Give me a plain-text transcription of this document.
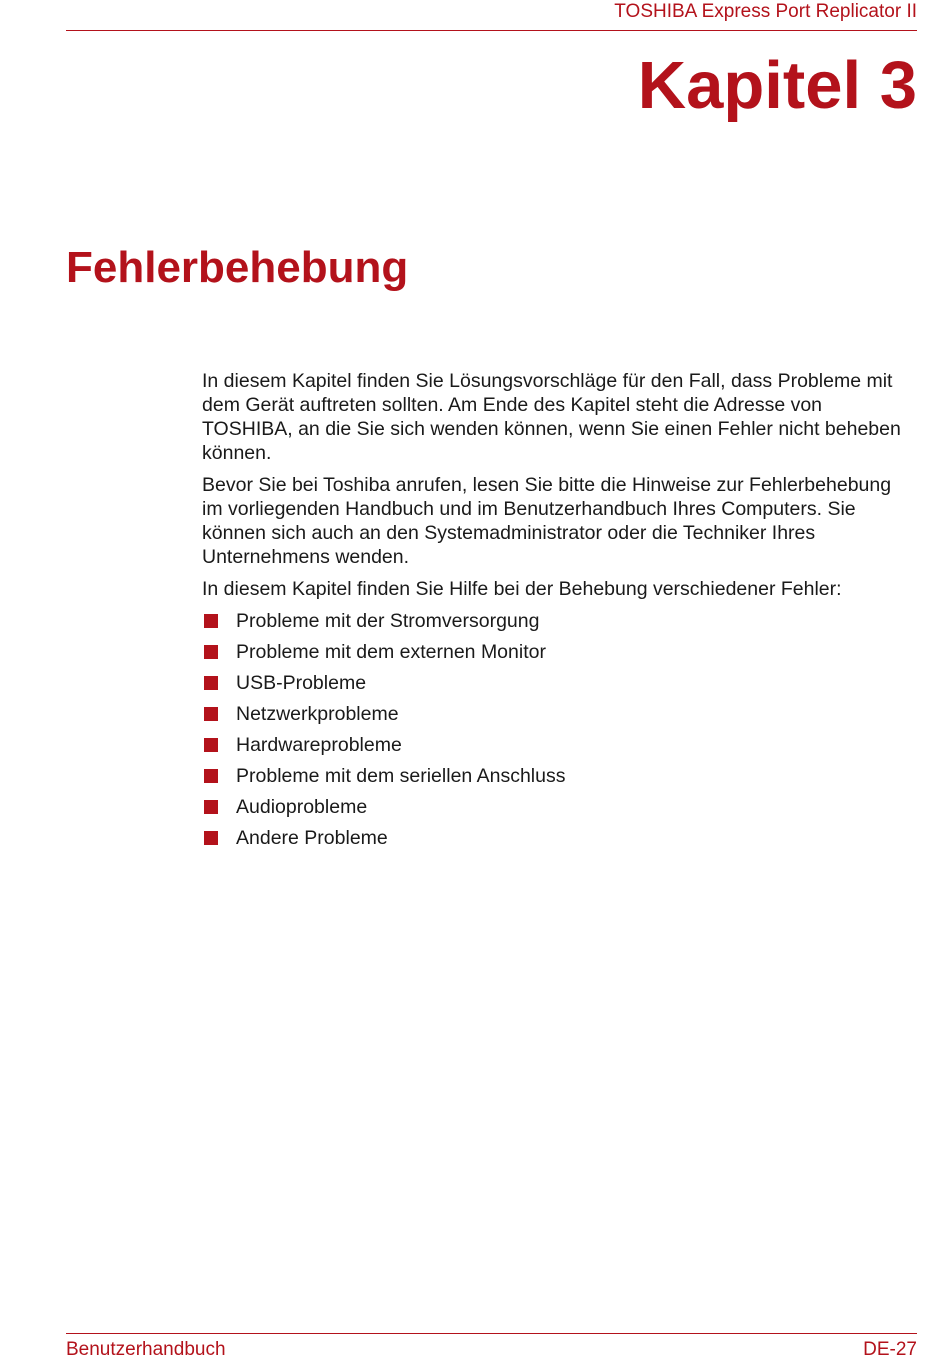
TOSHIBA Express Port Replicator II
Kapitel 3
Fehlerbehebung

In diesem Kapitel finden Sie Lösungsvorschläge für den Fall, dass Probleme mit dem Gerät auftreten sollten. Am Ende des Kapitel steht die Adresse von TOSHIBA, an die Sie sich wenden können, wenn Sie einen Fehler nicht beheben können.

Bevor Sie bei Toshiba anrufen, lesen Sie bitte die Hinweise zur Fehlerbehebung im vorliegenden Handbuch und im Benutzerhandbuch Ihres Computers. Sie können sich auch an den Systemadministrator oder die Techniker Ihres Unternehmens wenden.

In diesem Kapitel finden Sie Hilfe bei der Behebung verschiedener Fehler:

Probleme mit der Stromversorgung
Probleme mit dem externen Monitor
USB-Probleme
Netzwerkprobleme
Hardwareprobleme
Probleme mit dem seriellen Anschluss
Audioprobleme
Andere Probleme
Benutzerhandbuch	DE-27
